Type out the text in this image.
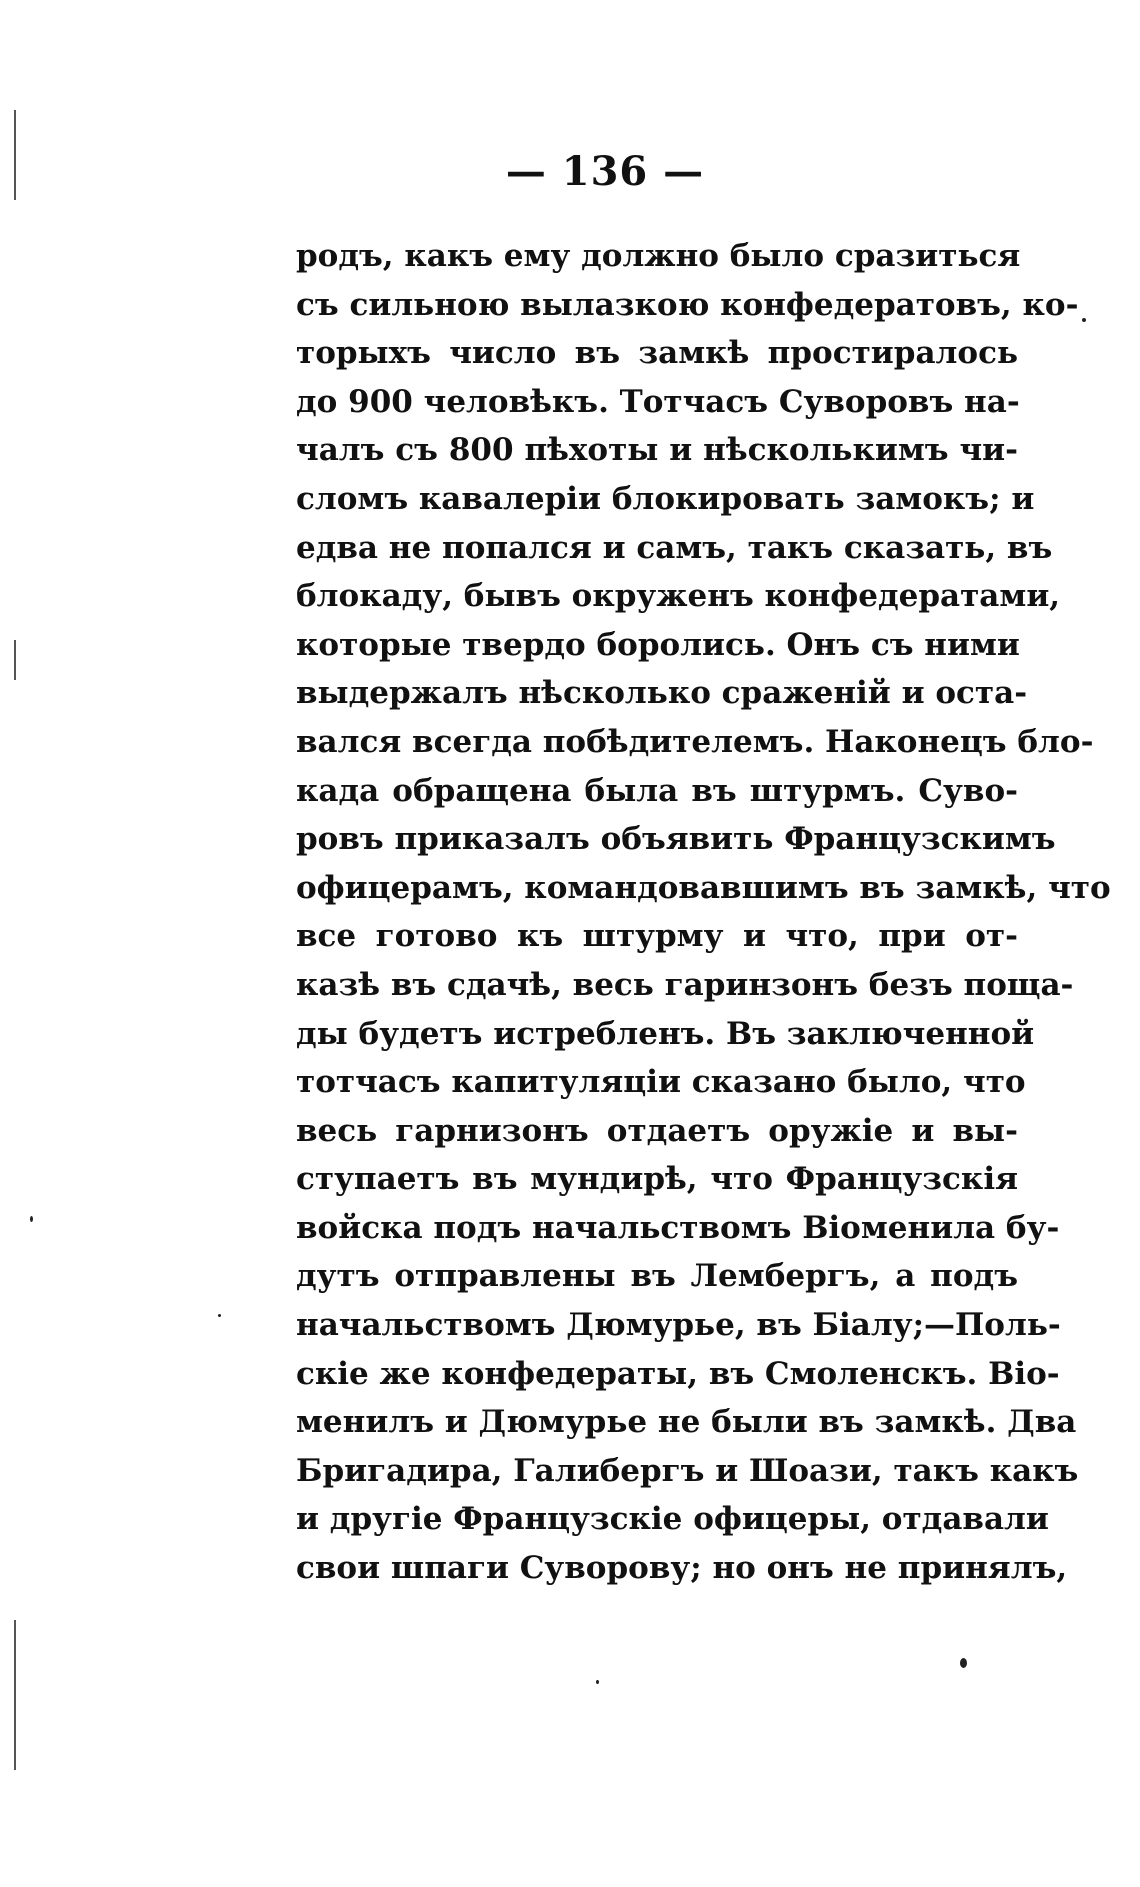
— 136 —
родъ, какъ ему должно было сразиться
съ сильною вылазкою конфедератовъ, ко-
торыхъ число въ замкѣ простиралось
до 900 человѣкъ. Тотчасъ Суворовъ на-
чалъ съ 800 пѣхоты и нѣсколькимъ чи-
сломъ кавалеріи блокировать замокъ; и
едва не попался и самъ, такъ сказать, въ
блокаду, бывъ окруженъ конфедератами,
которые твердо боролись. Онъ съ ними
выдержалъ нѣсколько сраженій и остa-
вался всегда побѣдителемъ. Наконецъ бло-
када обращена была въ штурмъ. Суво-
ровъ приказалъ объявить Французскимъ
офицерамъ, командовавшимъ въ замкѣ, что
все готово къ штурму и что, при от-
казѣ въ сдачѣ, весь гаринзонъ безъ поща-
ды будетъ истребленъ. Въ заключенной
тотчасъ капитуляціи сказано было, что
весь гарнизонъ отдаетъ оружіе и вы-
ступаетъ въ мундирѣ, что Французскія
войска подъ начальствомъ Віоменила бу-
дутъ отправлены въ Лембергъ, а подъ
начальствомъ Дюмурье, въ Біалу;—Поль-
скіе же конфедераты, въ Смоленскъ. Віо-
менилъ и Дюмурье не были въ замкѣ. Два
Бригадира, Галибергъ и Шоази, такъ какъ
и другіе Французскіе офицеры, отдавали
свои шпаги Суворову; но онъ не принялъ,
